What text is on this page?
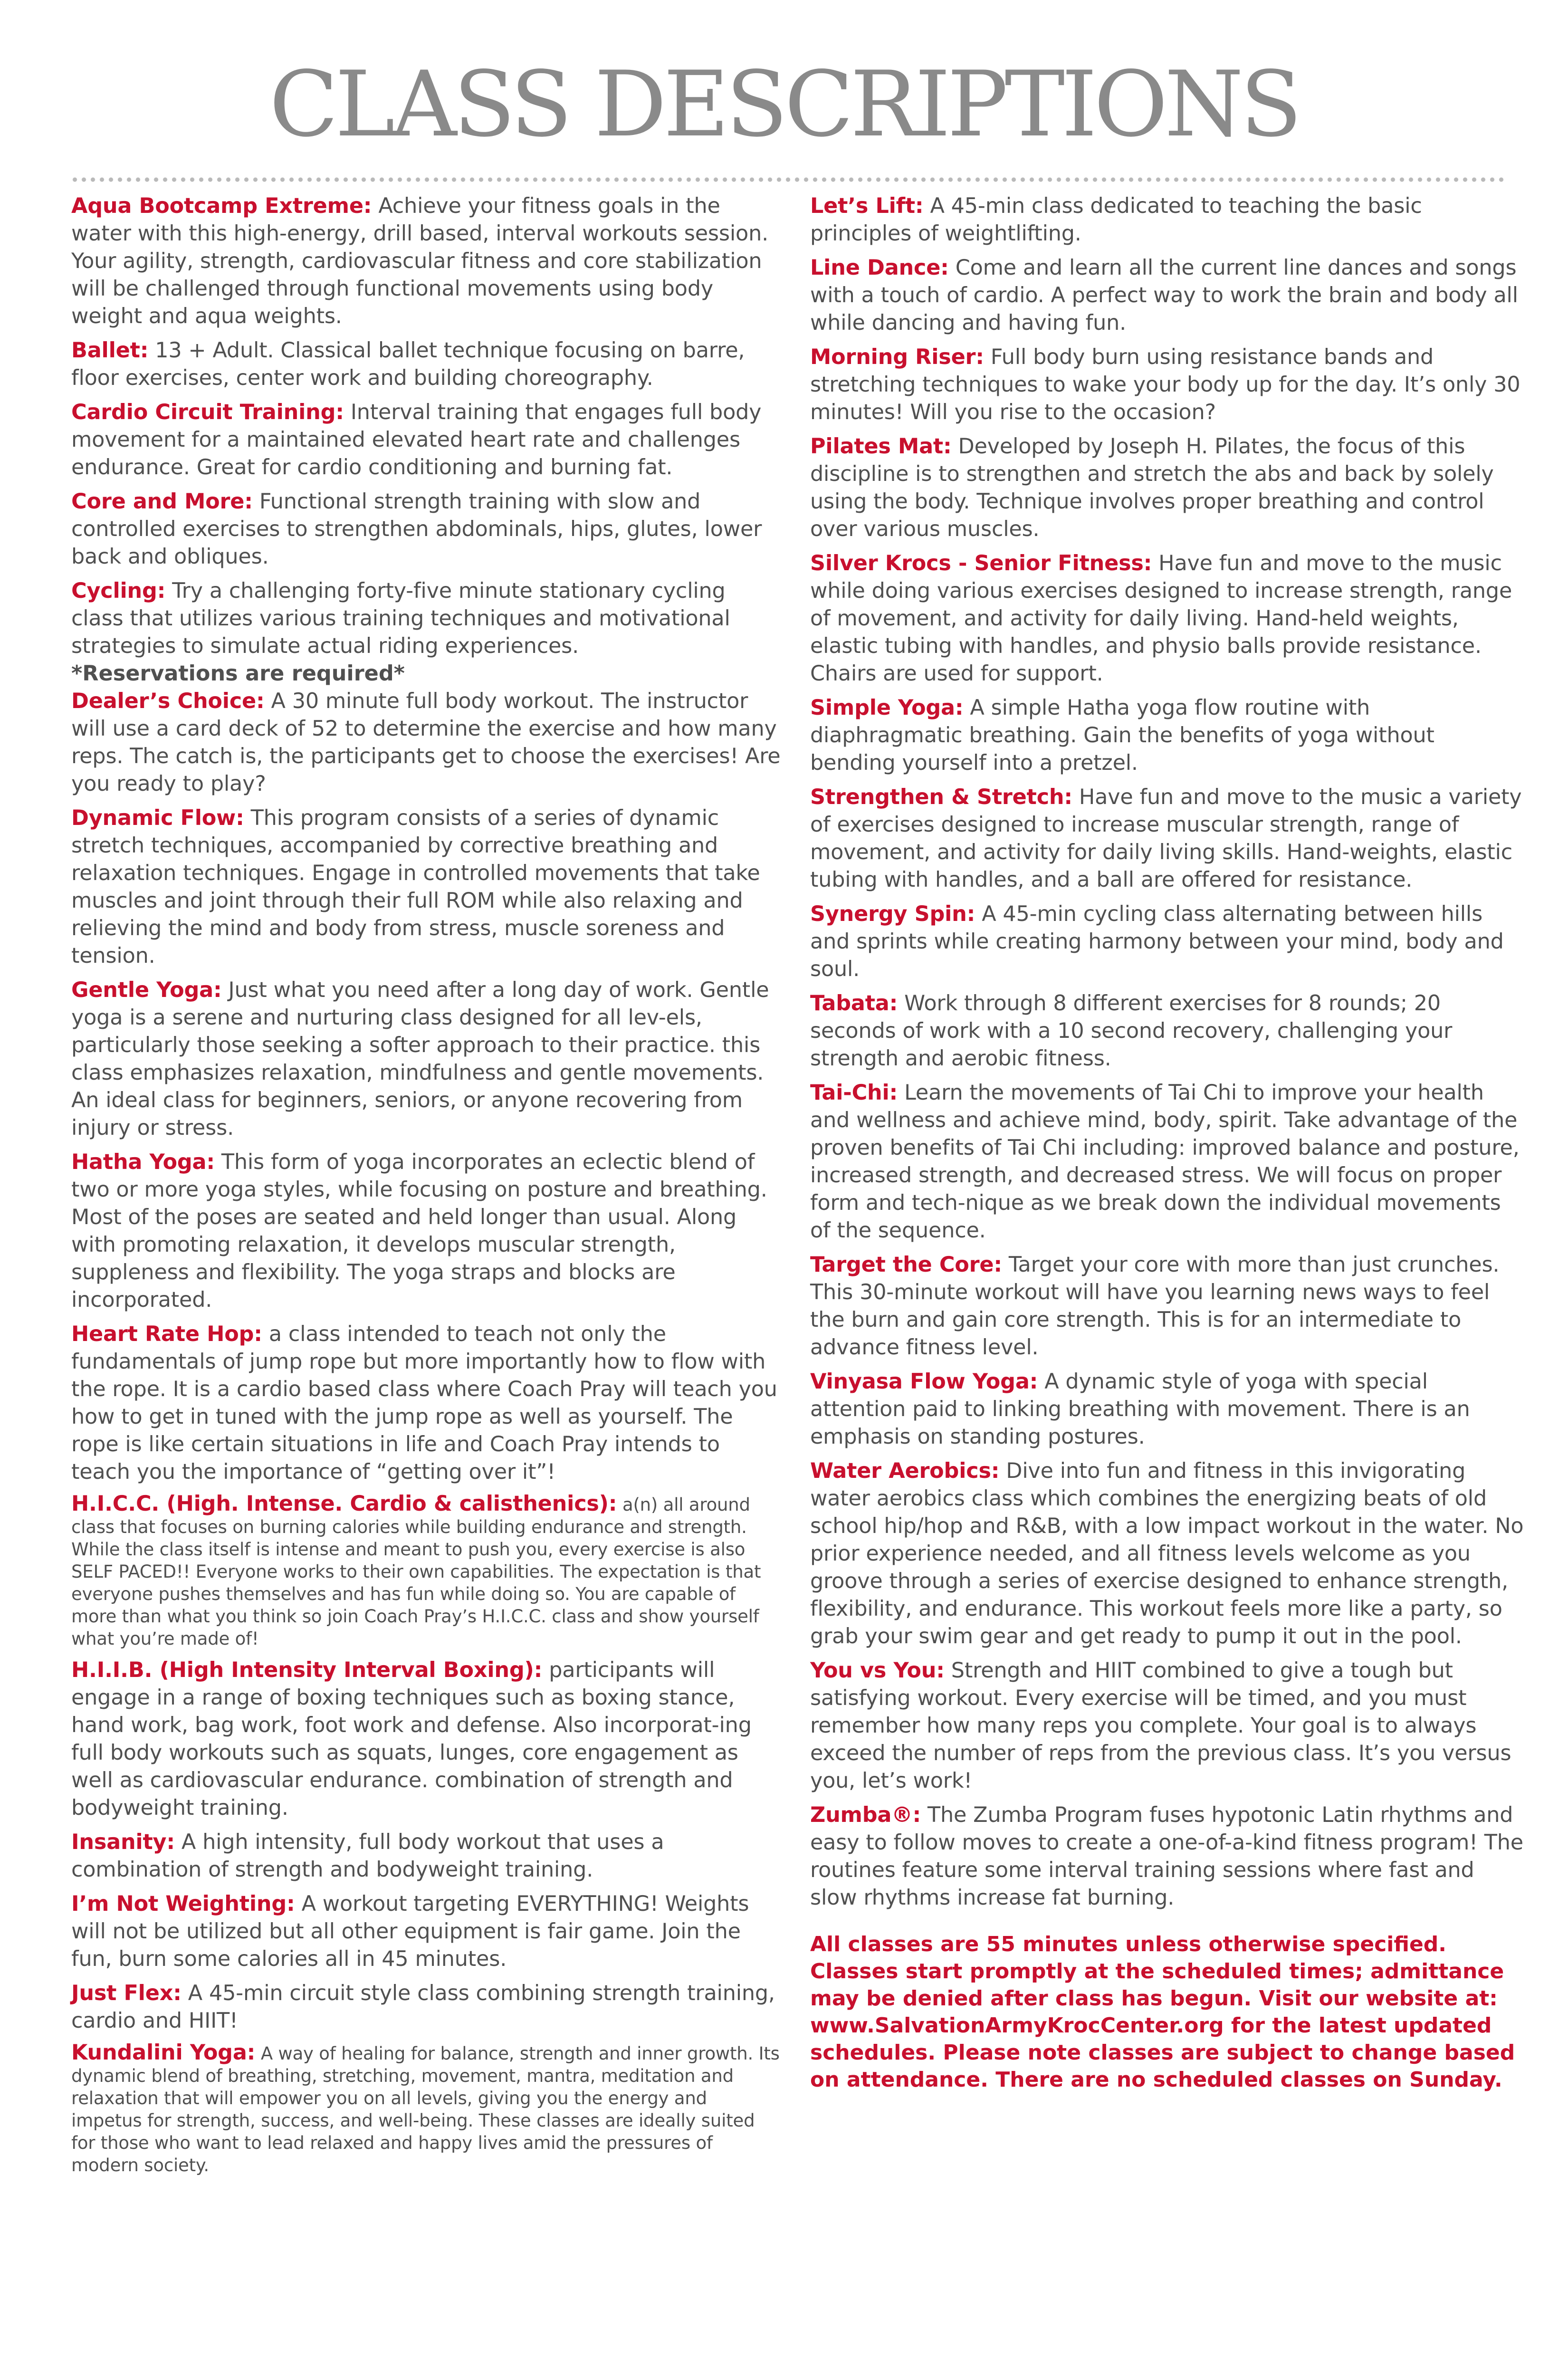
CLASS DESCRIPTIONS

Aqua Bootcamp Extreme: Achieve your fitness goals in the water with this high-energy, drill based, interval workouts session. Your agility, strength, cardiovascular fitness and core stabilization will be challenged through functional movements using body weight and aqua weights.

Ballet: 13 + Adult. Classical ballet technique focusing on barre, floor exercises, center work and building choreography.

Cardio Circuit Training: Interval training that engages full body movement for a maintained elevated heart rate and challenges endurance. Great for cardio conditioning and burning fat.

Core and More: Functional strength training with slow and controlled exercises to strengthen abdominals, hips, glutes, lower back and obliques.

Cycling: Try a challenging forty-five minute stationary cycling class that utilizes various training techniques and motivational strategies to simulate actual riding experiences.

*Reservations are required*

Dealer’s Choice: A 30 minute full body workout. The instructor will use a card deck of 52 to determine the exercise and how many reps. The catch is, the participants get to choose the exercises! Are you ready to play?

Dynamic Flow: This program consists of a series of dynamic stretch techniques, accompanied by corrective breathing and relaxation techniques. Engage in controlled movements that take muscles and joint through their full ROM while also relaxing and relieving the mind and body from stress, muscle soreness and tension.

Gentle Yoga: Just what you need after a long day of work. Gentle yoga is a serene and nurturing class designed for all lev-els, particularly those seeking a softer approach to their practice. this class emphasizes relaxation, mindfulness and gentle movements. An ideal class for beginners, seniors, or anyone recovering from injury or stress.

Hatha Yoga: This form of yoga incorporates an eclectic blend of two or more yoga styles, while focusing on posture and breathing. Most of the poses are seated and held longer than usual. Along with promoting relaxation, it develops muscular strength, suppleness and flexibility. The yoga straps and blocks are incorporated.

Heart Rate Hop: a class intended to teach not only the fundamentals of jump rope but more importantly how to flow with the rope. It is a cardio based class where Coach Pray will teach you how to get in tuned with the jump rope as well as yourself. The rope is like certain situations in life and Coach Pray intends to teach you the importance of “getting over it”!

H.I.C.C. (High. Intense. Cardio & calisthenics): a(n) all around class that focuses on burning calories while building endurance and strength. While the class itself is intense and meant to push you, every exercise is also SELF PACED!! Everyone works to their own capabilities. The expectation is that everyone pushes themselves and has fun while doing so. You are capable of more than what you think so join Coach Pray’s H.I.C.C. class and show yourself what you’re made of!

H.I.I.B. (High Intensity Interval Boxing): participants will engage in a range of boxing techniques such as boxing stance, hand work, bag work, foot work and defense. Also incorporat-ing full body workouts such as squats, lunges, core engagement as well as cardiovascular endurance. combination of strength and bodyweight training.

Insanity: A high intensity, full body workout that uses a combination of strength and bodyweight training.

I’m Not Weighting: A workout targeting EVERYTHING! Weights will not be utilized but all other equipment is fair game. Join the fun, burn some calories all in 45 minutes.

Just Flex: A 45-min circuit style class combining strength training, cardio and HIIT!

Kundalini Yoga: A way of healing for balance, strength and inner growth. Its dynamic blend of breathing, stretching, movement, mantra, meditation and relaxation that will empower you on all levels, giving you the energy and impetus for strength, success, and well-being. These classes are ideally suited for those who want to lead relaxed and happy lives amid the pressures of modern society.

Let’s Lift: A 45-min class dedicated to teaching the basic principles of weightlifting.

Line Dance: Come and learn all the current line dances and songs with a touch of cardio. A perfect way to work the brain and body all while dancing and having fun.

Morning Riser: Full body burn using resistance bands and stretching techniques to wake your body up for the day. It’s only 30 minutes! Will you rise to the occasion?

Pilates Mat: Developed by Joseph H. Pilates, the focus of this discipline is to strengthen and stretch the abs and back by solely using the body. Technique involves proper breathing and control over various muscles.

Silver Krocs - Senior Fitness: Have fun and move to the music while doing various exercises designed to increase strength, range of movement, and activity for daily living. Hand-held weights, elastic tubing with handles, and physio balls provide resistance. Chairs are used for support.

Simple Yoga: A simple Hatha yoga flow routine with diaphragmatic breathing. Gain the benefits of yoga without bending yourself into a pretzel.

Strengthen & Stretch: Have fun and move to the music a variety of exercises designed to increase muscular strength, range of movement, and activity for daily living skills. Hand-weights, elastic tubing with handles, and a ball are offered for resistance.

Synergy Spin: A 45-min cycling class alternating between hills and sprints while creating harmony between your mind, body and soul.

Tabata: Work through 8 different exercises for 8 rounds; 20 seconds of work with a 10 second recovery, challenging your strength and aerobic fitness.

Tai-Chi: Learn the movements of Tai Chi to improve your health and wellness and achieve mind, body, spirit. Take advantage of the proven benefits of Tai Chi including: improved balance and posture, increased strength, and decreased stress. We will focus on proper form and tech-nique as we break down the individual movements of the sequence.

Target the Core: Target your core with more than just crunches. This 30-minute workout will have you learning news ways to feel the burn and gain core strength. This is for an intermediate to advance fitness level.

Vinyasa Flow Yoga: A dynamic style of yoga with special attention paid to linking breathing with movement. There is an emphasis on standing postures.

Water Aerobics: Dive into fun and fitness in this invigorating water aerobics class which combines the energizing beats of old school hip/hop and R&B, with a low impact workout in the water. No prior experience needed, and all fitness levels welcome as you groove through a series of exercise designed to enhance strength, flexibility, and endurance. This workout feels more like a party, so grab your swim gear and get ready to pump it out in the pool.

You vs You: Strength and HIIT combined to give a tough but satisfying workout. Every exercise will be timed, and you must remember how many reps you complete. Your goal is to always exceed the number of reps from the previous class. It’s you versus you, let’s work!

Zumba®: The Zumba Program fuses hypotonic Latin rhythms and easy to follow moves to create a one-of-a-kind fitness program! The routines feature some interval training sessions where fast and slow rhythms increase fat burning.

All classes are 55 minutes unless otherwise specified. Classes start promptly at the scheduled times; admittance may be denied after class has begun. Visit our website at: www.SalvationArmyKrocCenter.org for the latest updated schedules. Please note classes are subject to change based on attendance. There are no scheduled classes on Sunday.
